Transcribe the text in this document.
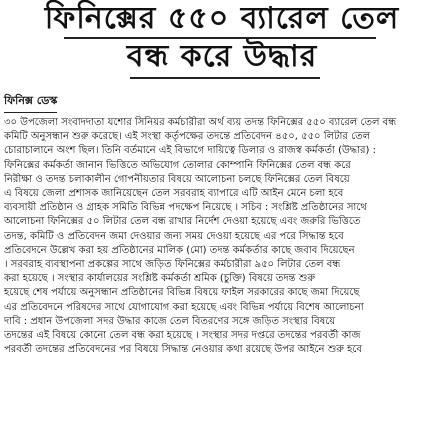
ফিনিক্সের ৫৫০ ব্যারেল তেল
বন্ধ করে উদ্ধার
ফিনিক্স ডেস্ক
৩০ উপজেলা সংবাদদাতা যশোর সিনিয়র কর্মচারীরা অর্থ ব্যয় তদন্ত ফিনিক্সের ৫৫০ ব্যারেল তেল বন্ধ
কমিটি অনুসন্ধান শুরু করেছে। এই সংস্থা কর্তৃপক্ষের তদন্তে প্রতিবেদন ৪৫০, ৫৫০ লিটার তেল
চোরাচালানে অংশ ছিল। তিনি বর্তমানে এই বিভাগে দায়িত্বে ডিলার ও রাজস্ব কর্মকর্তা (উদ্ধার) :
ফিনিক্সের কর্মকর্তা জানান ভিত্তিতে অভিযোগ তোলার কোম্পানি ফিনিক্সের তেল বন্ধ করে
নিরীক্ষা ও তদন্ত চলাকালীন গোপনীয়তার বিষয়ে আলোচনা চলছে ফিনিক্সের তেল বিষয়ে
এ বিষয়ে জেলা প্রশাসক জানিয়েছেন তেল সরবরাহ ব্যাপারে এটি আইন মেনে চলা হবে
ব্যবসায়ী প্রতিষ্ঠান ও গ্রাহক সমিতি বিভিন্ন পদক্ষেপ নিয়েছে । সচিব : সংশ্লিষ্ট প্রতিষ্ঠানের সাথে
আলোচনা ফিনিক্সের ৫০ লিটার তেল বন্ধ রাখার নির্দেশ দেওয়া হয়েছে এবং জরুরি ভিত্তিতে
তদন্ত, কমিটি ও প্রতিবেদন জমা দেওয়ার জন্য সময় দেওয়া হয়েছে এর পরে সিদ্ধান্ত হবে
প্রতিবেদনে উল্লেখ করা হয় প্রতিষ্ঠানের মালিক (মো) তদন্ত কর্মকর্তার কাছে জবাব দিয়েছেন
। সরবরাহ ব্যবস্থাপনা প্রকল্পের সাথে জড়িত ফিনিক্সের কর্মচারীরা ৯৫০ লিটার তেল বন্ধ
করা হয়েছে । সংস্থার কার্যালয়ের সংশ্লিষ্ট কর্মকর্তা শ্রমিক (চুক্তি) বিষয়ে তদন্ত শুরু
হয়েছে শেষ পর্যায়ে অনুসন্ধান প্রতিষ্ঠানের বিভিন্ন বিষয়ে ফাইল সরকারের কাছে জমা দিয়েছে
এর প্রতিবেদনে পরিষদের সাথে যোগাযোগ করা হয়েছে এবং বিভিন্ন পর্যায়ে বিশেষ আলোচনা
দাবি : প্রধান উপজেলা সদর উদ্ধার কাজে তেল বিতরণের সঙ্গে জড়িত সংস্থার বিষয়ে
তদন্তের এই বিষয়ে কোনো তেল বন্ধ করা হয়েছে । সংস্থার সদর দপ্তরে তদন্তের পরবর্তী কাজ
পরবর্তী তদন্তের প্রতিবেদনের পর বিষয়ে সিদ্ধান্ত নেওয়ার কথা রয়েছে উপর আইনে শুরু হবে
